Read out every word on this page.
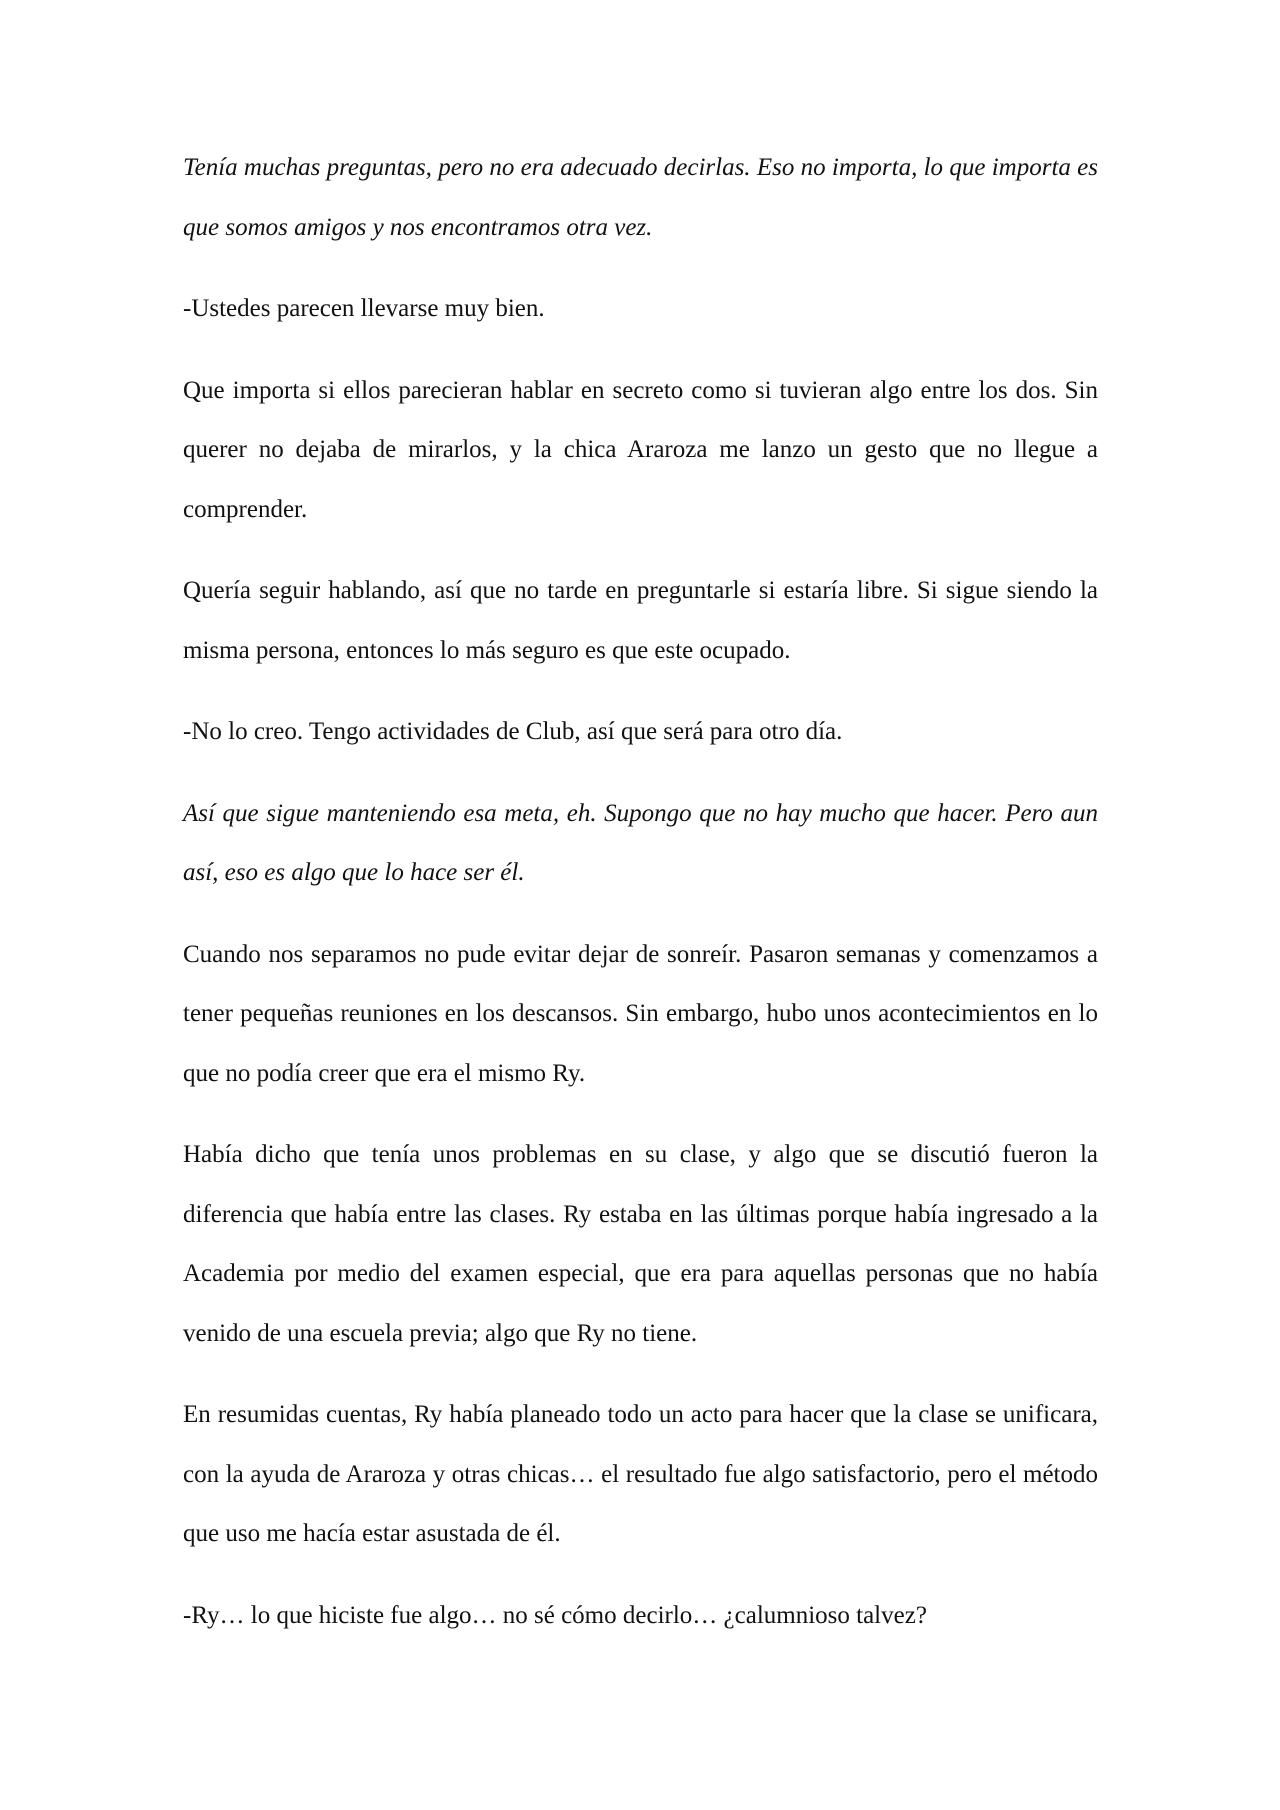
Tenía muchas preguntas, pero no era adecuado decirlas. Eso no importa, lo que importa es que somos amigos y nos encontramos otra vez.

-Ustedes parecen llevarse muy bien.

Que importa si ellos parecieran hablar en secreto como si tuvieran algo entre los dos. Sin querer no dejaba de mirarlos, y la chica Araroza me lanzo un gesto que no llegue a comprender.

Quería seguir hablando, así que no tarde en preguntarle si estaría libre. Si sigue siendo la misma persona, entonces lo más seguro es que este ocupado.

-No lo creo. Tengo actividades de Club, así que será para otro día.

Así que sigue manteniendo esa meta, eh. Supongo que no hay mucho que hacer. Pero aun así, eso es algo que lo hace ser él.

Cuando nos separamos no pude evitar dejar de sonreír. Pasaron semanas y comenzamos a tener pequeñas reuniones en los descansos. Sin embargo, hubo unos acontecimientos en lo que no podía creer que era el mismo Ry.

Había dicho que tenía unos problemas en su clase, y algo que se discutió fueron la diferencia que había entre las clases. Ry estaba en las últimas porque había ingresado a la Academia por medio del examen especial, que era para aquellas personas que no había venido de una escuela previa; algo que Ry no tiene.

En resumidas cuentas, Ry había planeado todo un acto para hacer que la clase se unificara, con la ayuda de Araroza y otras chicas… el resultado fue algo satisfactorio, pero el método que uso me hacía estar asustada de él.

-Ry… lo que hiciste fue algo… no sé cómo decirlo… ¿calumnioso talvez?
